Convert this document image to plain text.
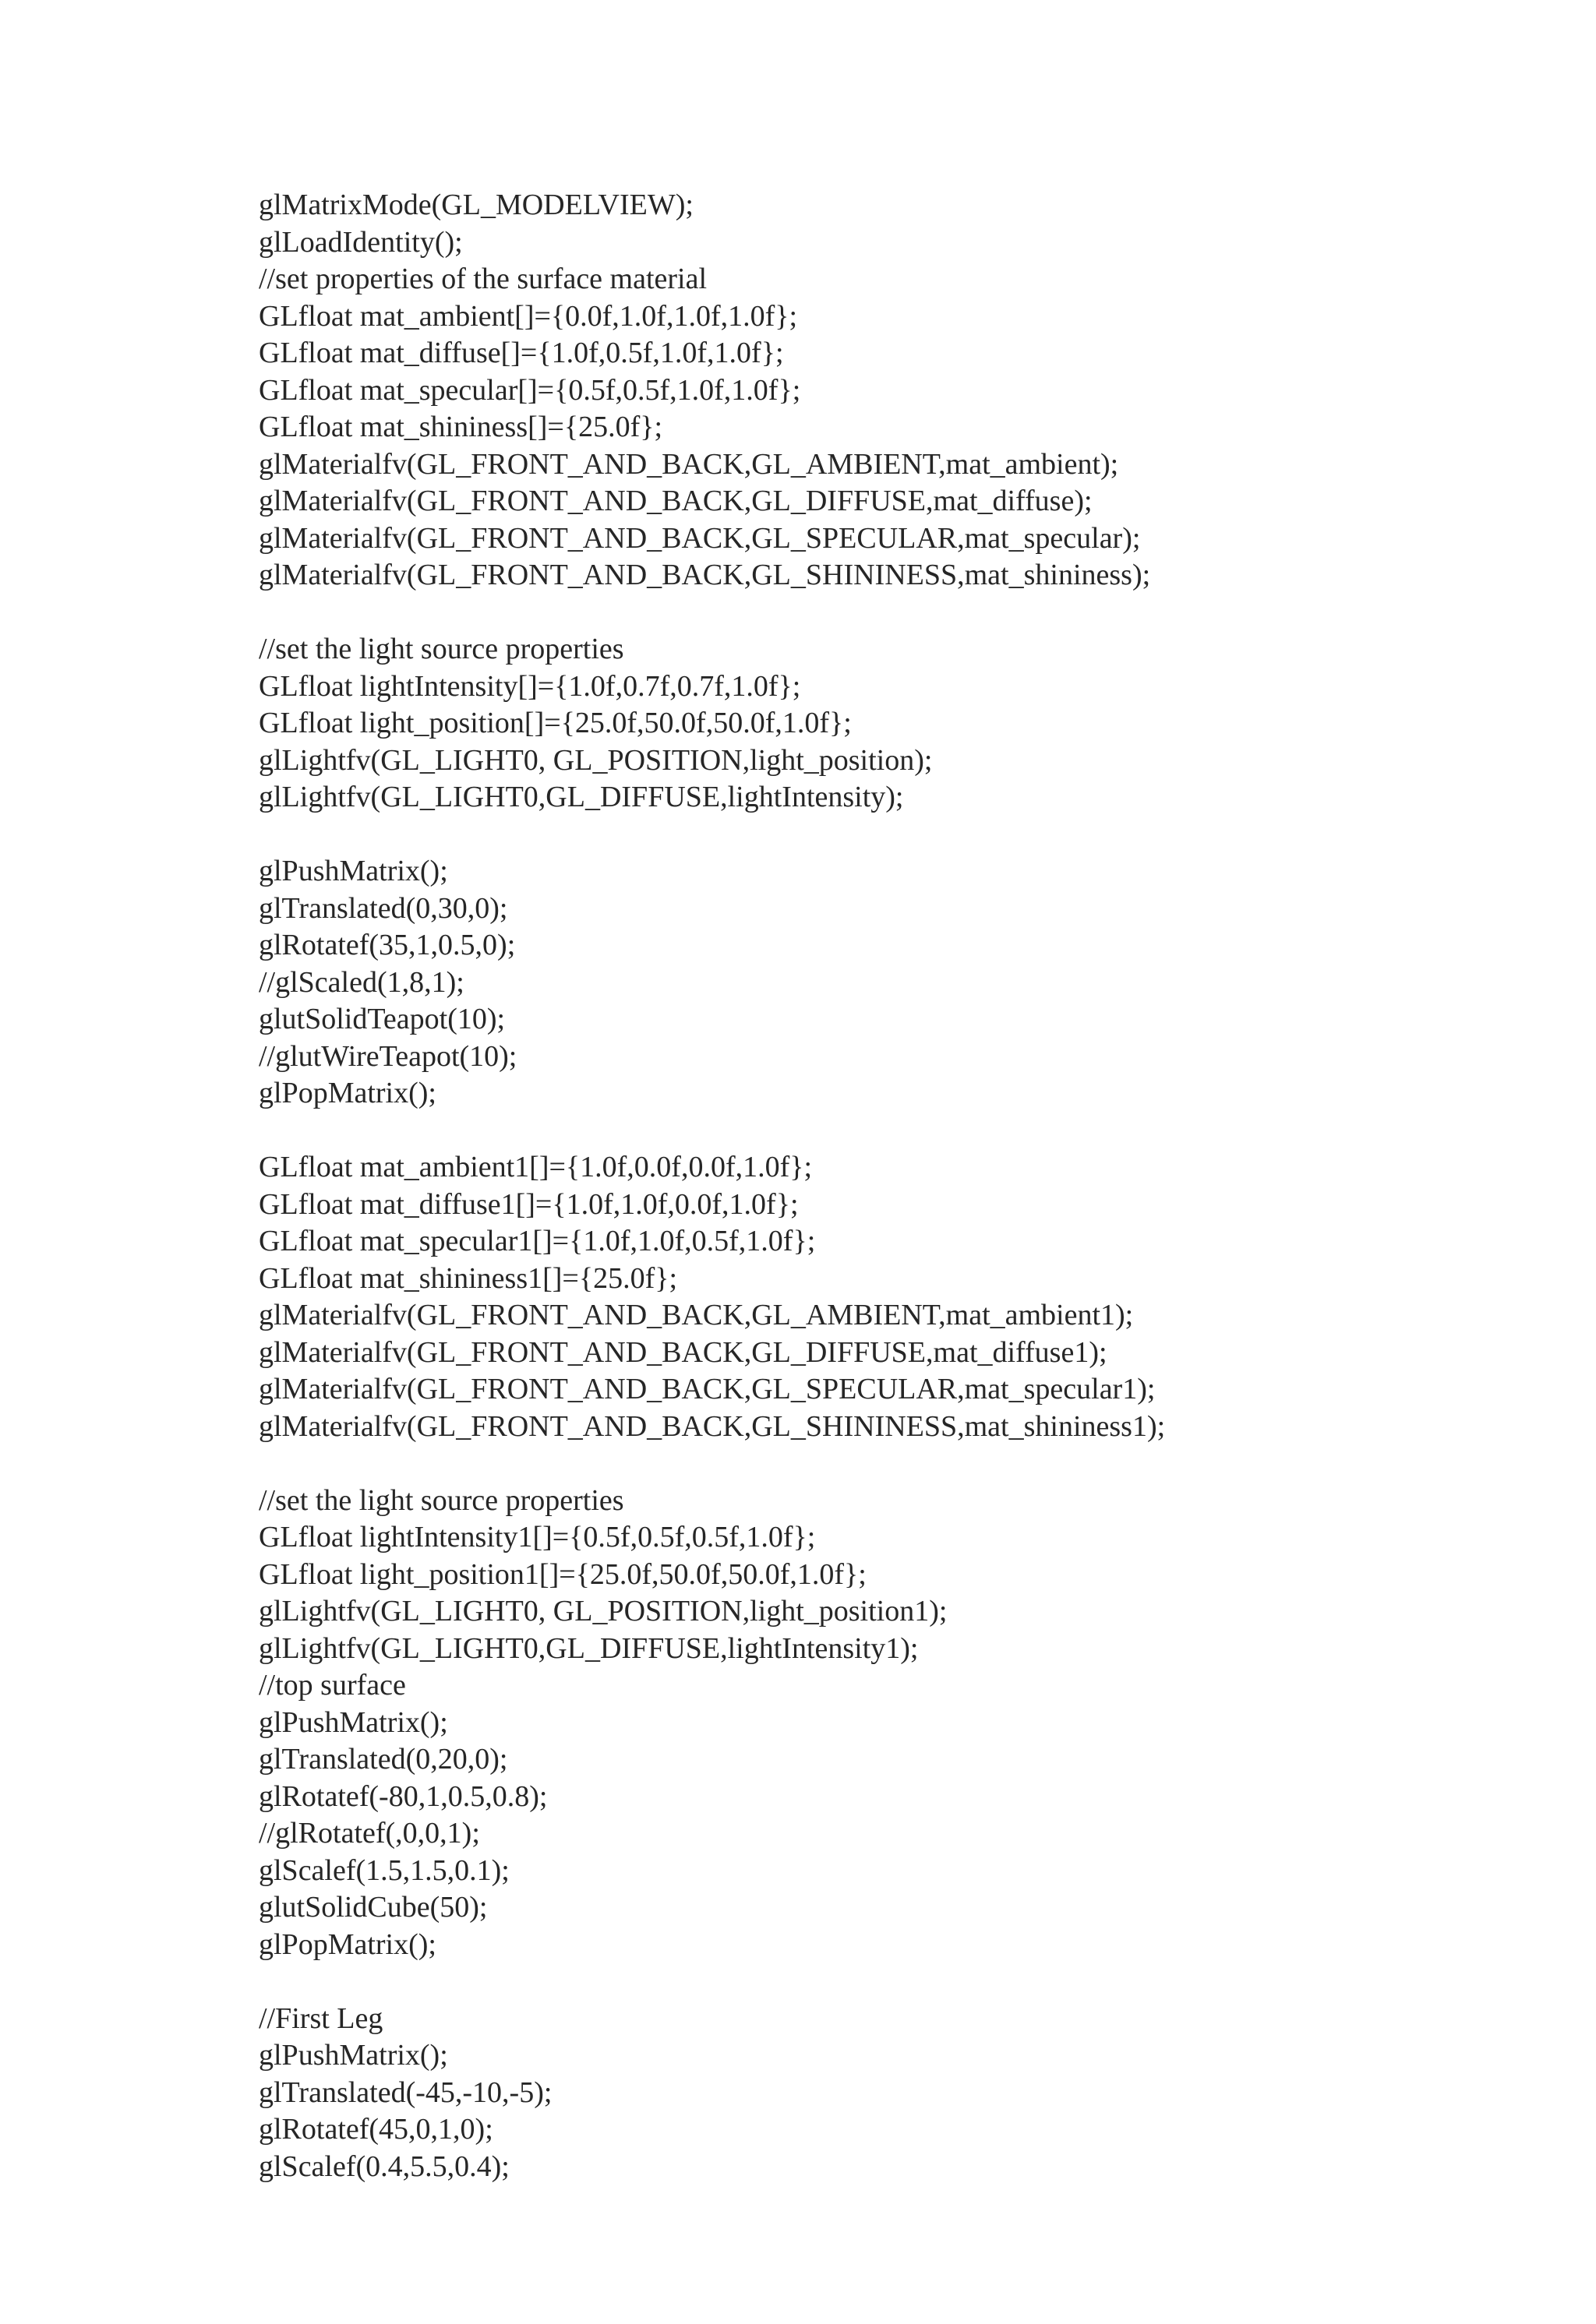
glMatrixMode(GL_MODELVIEW);
glLoadIdentity();
//set properties of the surface material
GLfloat mat_ambient[]={0.0f,1.0f,1.0f,1.0f};
GLfloat mat_diffuse[]={1.0f,0.5f,1.0f,1.0f};
GLfloat mat_specular[]={0.5f,0.5f,1.0f,1.0f};
GLfloat mat_shininess[]={25.0f};
glMaterialfv(GL_FRONT_AND_BACK,GL_AMBIENT,mat_ambient);
glMaterialfv(GL_FRONT_AND_BACK,GL_DIFFUSE,mat_diffuse);
glMaterialfv(GL_FRONT_AND_BACK,GL_SPECULAR,mat_specular);
glMaterialfv(GL_FRONT_AND_BACK,GL_SHININESS,mat_shininess);
//set the light source properties
GLfloat lightIntensity[]={1.0f,0.7f,0.7f,1.0f};
GLfloat light_position[]={25.0f,50.0f,50.0f,1.0f};
glLightfv(GL_LIGHT0, GL_POSITION,light_position);
glLightfv(GL_LIGHT0,GL_DIFFUSE,lightIntensity);
glPushMatrix();
glTranslated(0,30,0);
glRotatef(35,1,0.5,0);
//glScaled(1,8,1);
glutSolidTeapot(10);
//glutWireTeapot(10);
glPopMatrix();
GLfloat mat_ambient1[]={1.0f,0.0f,0.0f,1.0f};
GLfloat mat_diffuse1[]={1.0f,1.0f,0.0f,1.0f};
GLfloat mat_specular1[]={1.0f,1.0f,0.5f,1.0f};
GLfloat mat_shininess1[]={25.0f};
glMaterialfv(GL_FRONT_AND_BACK,GL_AMBIENT,mat_ambient1);
glMaterialfv(GL_FRONT_AND_BACK,GL_DIFFUSE,mat_diffuse1);
glMaterialfv(GL_FRONT_AND_BACK,GL_SPECULAR,mat_specular1);
glMaterialfv(GL_FRONT_AND_BACK,GL_SHININESS,mat_shininess1);
//set the light source properties
GLfloat lightIntensity1[]={0.5f,0.5f,0.5f,1.0f};
GLfloat light_position1[]={25.0f,50.0f,50.0f,1.0f};
glLightfv(GL_LIGHT0, GL_POSITION,light_position1);
glLightfv(GL_LIGHT0,GL_DIFFUSE,lightIntensity1);
//top surface
glPushMatrix();
glTranslated(0,20,0);
glRotatef(-80,1,0.5,0.8);
//glRotatef(,0,0,1);
glScalef(1.5,1.5,0.1);
glutSolidCube(50);
glPopMatrix();
//First Leg
glPushMatrix();
glTranslated(-45,-10,-5);
glRotatef(45,0,1,0);
glScalef(0.4,5.5,0.4);
